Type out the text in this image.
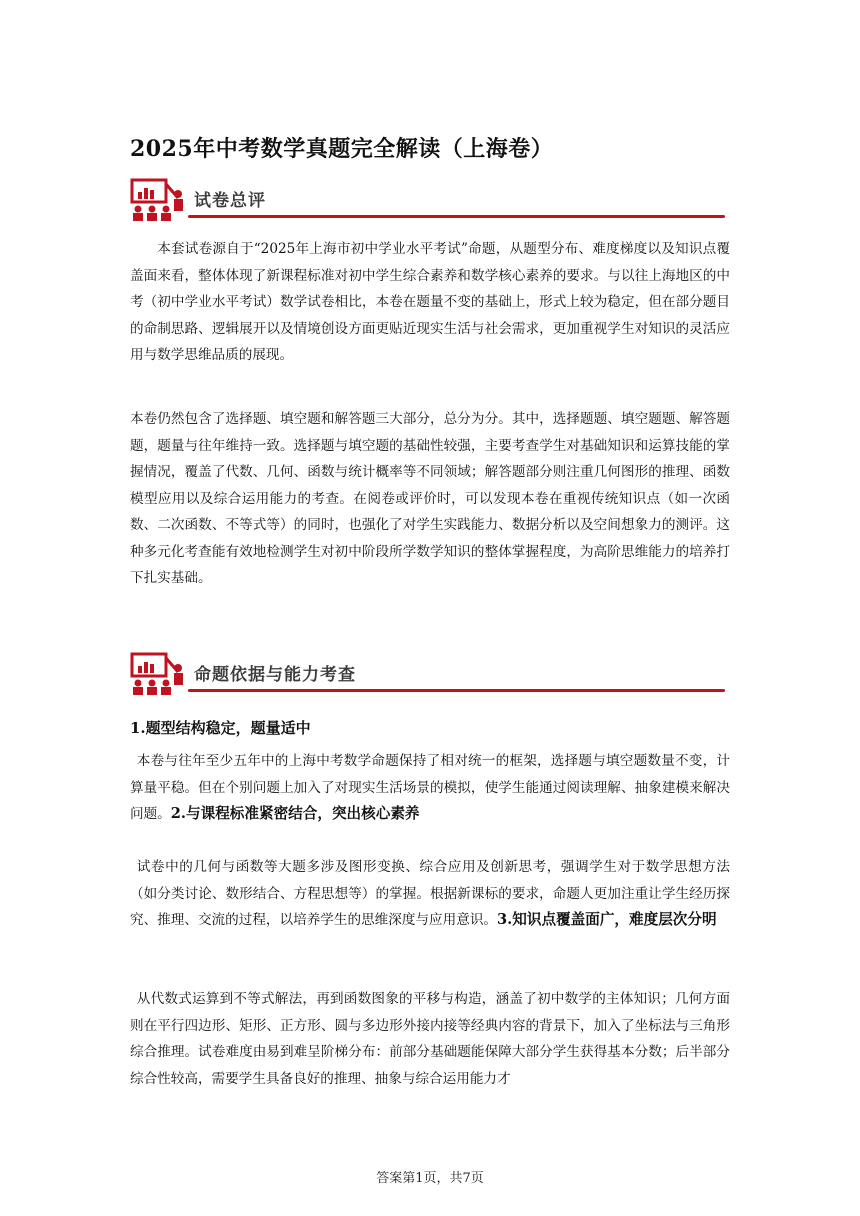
2025年中考数学真题完全解读（上海卷）
试卷总评
本套试卷源自于“2025年上海市初中学业水平考试”命题，从题型分布、难度梯度以及知识点覆盖面来看，整体体现了新课程标准对初中学生综合素养和数学核心素养的要求。与以往上海地区的中考（初中学业水平考试）数学试卷相比，本卷在题量不变的基础上，形式上较为稳定，但在部分题目的命制思路、逻辑展开以及情境创设方面更贴近现实生活与社会需求，更加重视学生对知识的灵活应用与数学思维品质的展现。
本卷仍然包含了选择题、填空题和解答题三大部分，总分为分。其中，选择题题、填空题题、解答题题，题量与往年维持一致。选择题与填空题的基础性较强，主要考查学生对基础知识和运算技能的掌握情况，覆盖了代数、几何、函数与统计概率等不同领域；解答题部分则注重几何图形的推理、函数模型应用以及综合运用能力的考查。在阅卷或评价时，可以发现本卷在重视传统知识点（如一次函数、二次函数、不等式等）的同时，也强化了对学生实践能力、数据分析以及空间想象力的测评。这种多元化考查能有效地检测学生对初中阶段所学数学知识的整体掌握程度，为高阶思维能力的培养打下扎实基础。
命题依据与能力考查
1.题型结构稳定，题量适中
本卷与往年至少五年中的上海中考数学命题保持了相对统一的框架，选择题与填空题数量不变，计算量平稳。但在个别问题上加入了对现实生活场景的模拟，使学生能通过阅读理解、抽象建模来解决问题。2.与课程标准紧密结合，突出核心素养
试卷中的几何与函数等大题多涉及图形变换、综合应用及创新思考，强调学生对于数学思想方法（如分类讨论、数形结合、方程思想等）的掌握。根据新课标的要求，命题人更加注重让学生经历探究、推理、交流的过程，以培养学生的思维深度与应用意识。3.知识点覆盖面广，难度层次分明
从代数式运算到不等式解法，再到函数图象的平移与构造，涵盖了初中数学的主体知识；几何方面则在平行四边形、矩形、正方形、圆与多边形外接内接等经典内容的背景下，加入了坐标法与三角形综合推理。试卷难度由易到难呈阶梯分布：前部分基础题能保障大部分学生获得基本分数；后半部分综合性较高，需要学生具备良好的推理、抽象与综合运用能力才
答案第1页，共7页
